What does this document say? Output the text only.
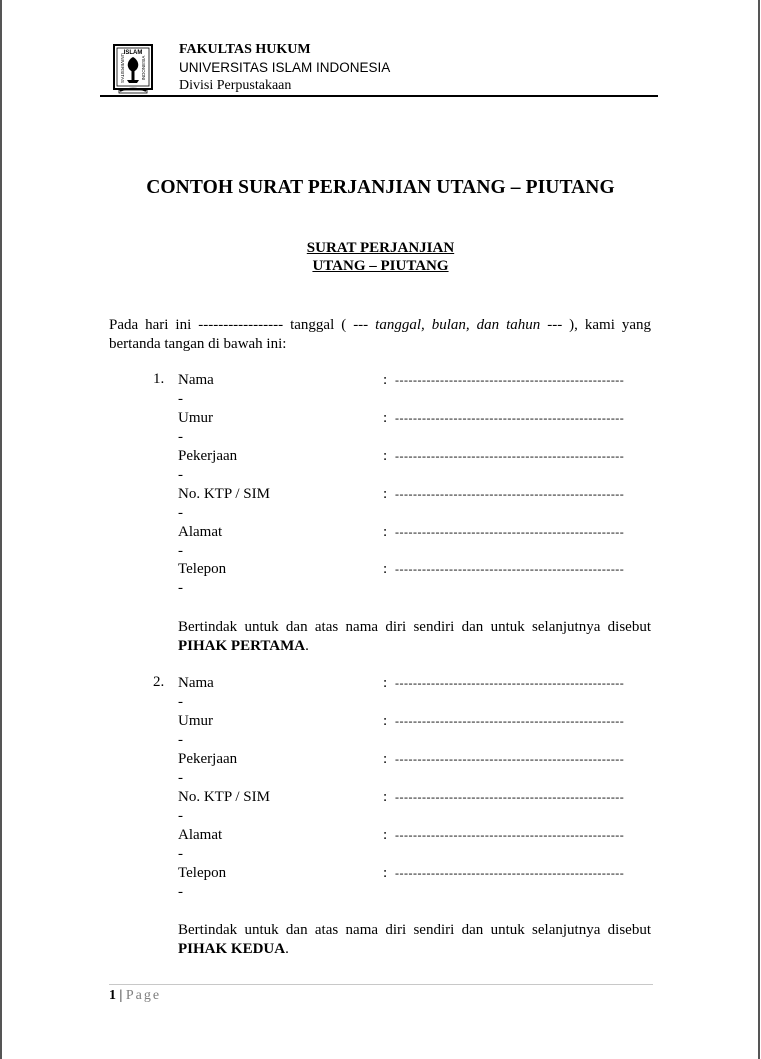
ISLAM
UNIVERSITAS	INDONESIA
FAKULTAS HUKUM
UNIVERSITAS ISLAM INDONESIA
Divisi Perpustakaan
CONTOH SURAT PERJANJIAN UTANG – PIUTANG
SURAT PERJANJIAN
UTANG – PIUTANG
Pada hari ini ----------------- tanggal ( --- tanggal, bulan, dan tahun --- ), kami yang bertanda tangan di bawah ini:
1. Nama	: ---------------------------------------------------
-
Umur	: ---------------------------------------------------
-
Pekerjaan	: ---------------------------------------------------
-
No. KTP / SIM	: ---------------------------------------------------
-
Alamat	: ---------------------------------------------------
-
Telepon	: ---------------------------------------------------
-
Bertindak untuk dan atas nama diri sendiri dan untuk selanjutnya disebut PIHAK PERTAMA.
2. Nama	: ---------------------------------------------------
-
Umur	: ---------------------------------------------------
-
Pekerjaan	: ---------------------------------------------------
-
No. KTP / SIM	: ---------------------------------------------------
-
Alamat	: ---------------------------------------------------
-
Telepon	: ---------------------------------------------------
-
Bertindak untuk dan atas nama diri sendiri dan untuk selanjutnya disebut PIHAK KEDUA.
1 | Page
